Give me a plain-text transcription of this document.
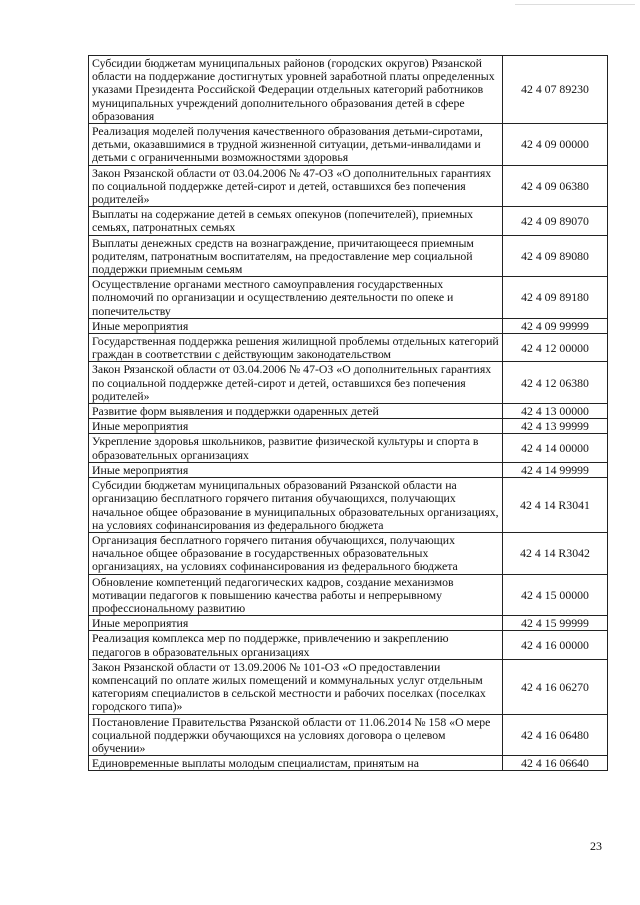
Субсидии бюджетам муниципальных районов (городских округов) Рязанской области на поддержание достигнутых уровней заработной платы определенных указами Президента Российской Федерации отдельных категорий работников муниципальных учреждений дополнительного образования детей в сфере образования	42 4 07 89230
Реализация моделей получения качественного образования детьми-сиротами, детьми, оказавшимися в трудной жизненной ситуации, детьми-инвалидами и детьми с ограниченными возможностями здоровья	42 4 09 00000
Закон Рязанской области от 03.04.2006 № 47-ОЗ «О дополнительных гарантиях по социальной поддержке детей-сирот и детей, оставшихся без попечения родителей»	42 4 09 06380
Выплаты на содержание детей в семьях опекунов (попечителей), приемных семьях, патронатных семьях	42 4 09 89070
Выплаты денежных средств на вознаграждение, причитающееся приемным родителям, патронатным воспитателям, на предоставление мер социальной поддержки приемным семьям	42 4 09 89080
Осуществление органами местного самоуправления государственных полномочий по организации и осуществлению деятельности по опеке и попечительству	42 4 09 89180
Иные мероприятия	42 4 09 99999
Государственная поддержка решения жилищной проблемы отдельных категорий граждан в соответствии с действующим законодательством	42 4 12 00000
Закон Рязанской области от 03.04.2006 № 47-ОЗ «О дополнительных гарантиях по социальной поддержке детей-сирот и детей, оставшихся без попечения родителей»	42 4 12 06380
Развитие форм выявления и поддержки одаренных детей	42 4 13 00000
Иные мероприятия	42 4 13 99999
Укрепление здоровья школьников, развитие физической культуры и спорта в образовательных организациях	42 4 14 00000
Иные мероприятия	42 4 14 99999
Субсидии бюджетам муниципальных образований Рязанской области на организацию бесплатного горячего питания обучающихся, получающих начальное общее образование в муниципальных образовательных организациях, на условиях софинансирования из федерального бюджета	42 4 14 R3041
Организация бесплатного горячего питания обучающихся, получающих начальное общее образование в государственных образовательных организациях, на условиях софинансирования из федерального бюджета	42 4 14 R3042
Обновление компетенций педагогических кадров, создание механизмов мотивации педагогов к повышению качества работы и непрерывному профессиональному развитию	42 4 15 00000
Иные мероприятия	42 4 15 99999
Реализация комплекса мер по поддержке, привлечению и закреплению педагогов в образовательных организациях	42 4 16 00000
Закон Рязанской области от 13.09.2006 № 101-ОЗ «О предоставлении компенсаций по оплате жилых помещений и коммунальных услуг отдельным категориям специалистов в сельской местности и рабочих поселках (поселках городского типа)»	42 4 16 06270
Постановление Правительства Рязанской области от 11.06.2014 № 158 «О мере социальной поддержки обучающихся на условиях договора о целевом обучении»	42 4 16 06480
Единовременные выплаты молодым специалистам, принятым на	42 4 16 06640
23
